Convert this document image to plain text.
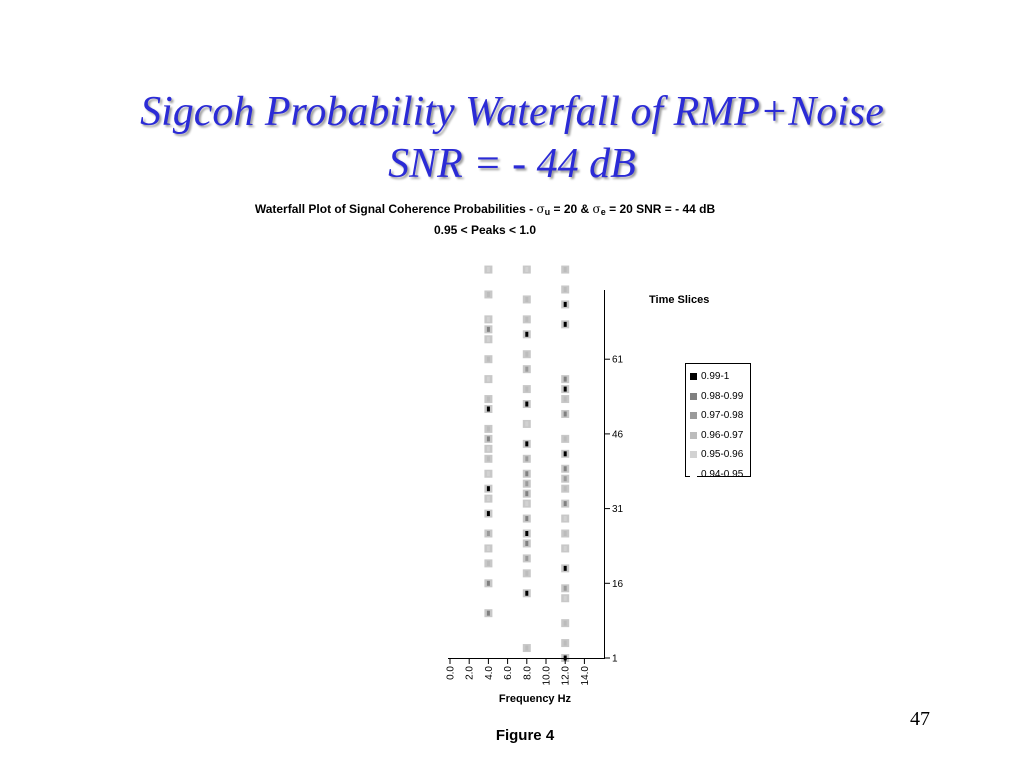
Sigcoh Probability Waterfall of RMP+Noise
SNR = - 44 dB
Waterfall Plot of Signal Coherence Probabilities - $\sigma_u = 20$ & $\sigma_e = 20$ SNR = - 44 dB
0.95 < Peaks < 1.0
0.0 2.0 4.0 6.0 8.0 10.0 12.0 14.0
1
16
31
46
61
Time Slices
0.99-1
0.98-0.99
0.97-0.98
0.96-0.97
0.95-0.96
0.94-0.95
Frequency Hz
Figure 4
47
